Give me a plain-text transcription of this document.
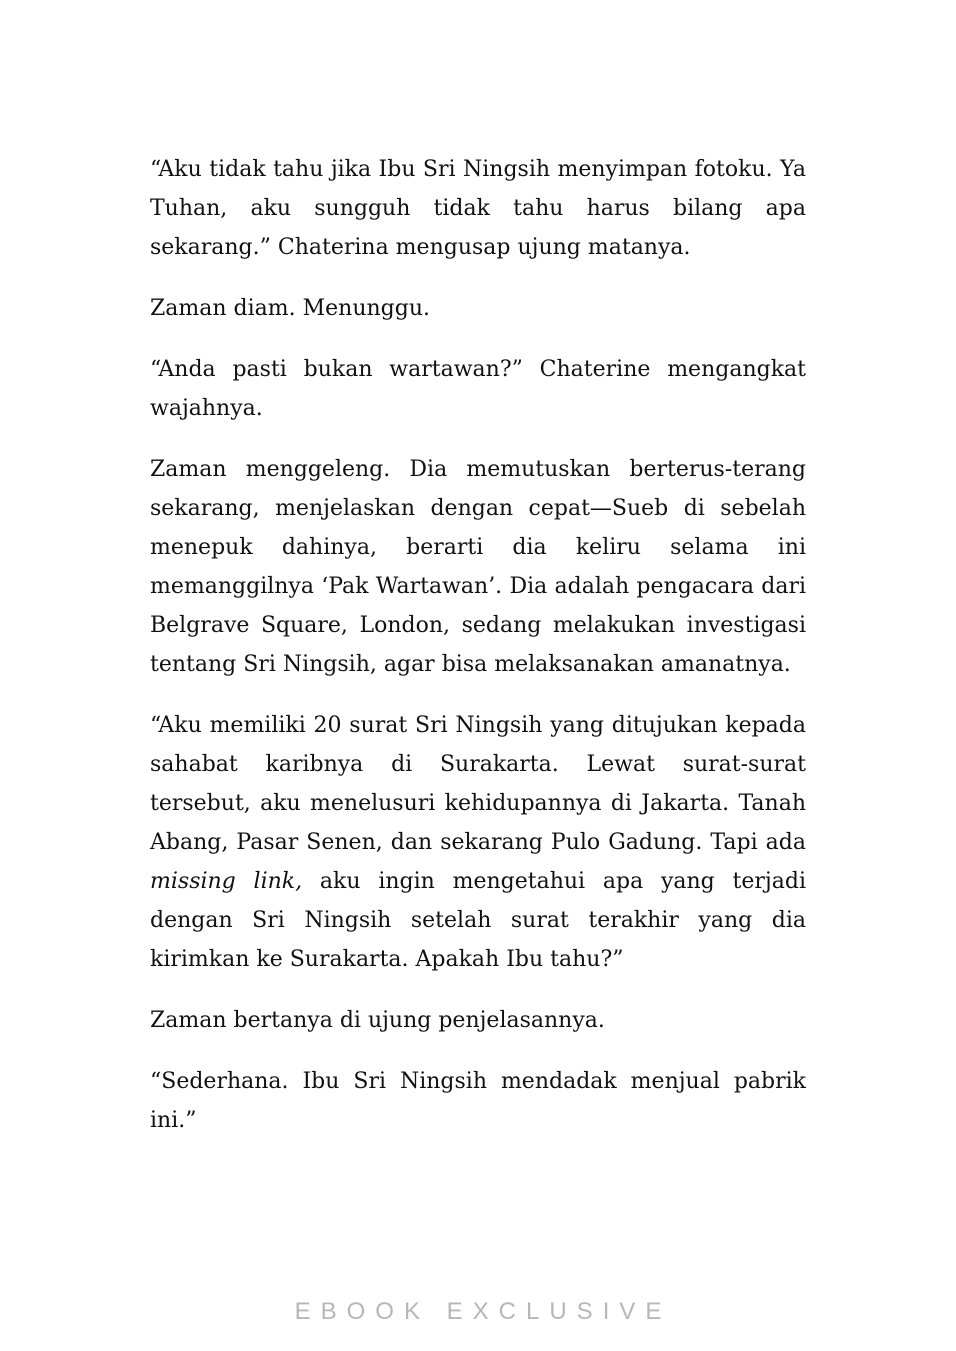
“Aku tidak tahu jika Ibu Sri Ningsih menyimpan fotoku. Ya Tuhan, aku sungguh tidak tahu harus bilang apa sekarang.” Chaterina mengusap ujung matanya.

Zaman diam. Menunggu.

“Anda pasti bukan wartawan?” Chaterine mengangkat wajahnya.

Zaman menggeleng. Dia memutuskan berterus-terang sekarang, menjelaskan dengan cepat—Sueb di sebelah menepuk dahinya, berarti dia keliru selama ini memanggilnya ‘Pak Wartawan’. Dia adalah pengacara dari Belgrave Square, London, sedang melakukan investigasi tentang Sri Ningsih, agar bisa melaksanakan amanatnya.

“Aku memiliki 20 surat Sri Ningsih yang ditujukan kepada sahabat karibnya di Surakarta. Lewat surat-surat tersebut, aku menelusuri kehidupannya di Jakarta. Tanah Abang, Pasar Senen, dan sekarang Pulo Gadung. Tapi ada missing link, aku ingin mengetahui apa yang terjadi dengan Sri Ningsih setelah surat terakhir yang dia kirimkan ke Surakarta. Apakah Ibu tahu?”

Zaman bertanya di ujung penjelasannya.

“Sederhana. Ibu Sri Ningsih mendadak menjual pabrik ini.”

EBOOK EXCLUSIVE
